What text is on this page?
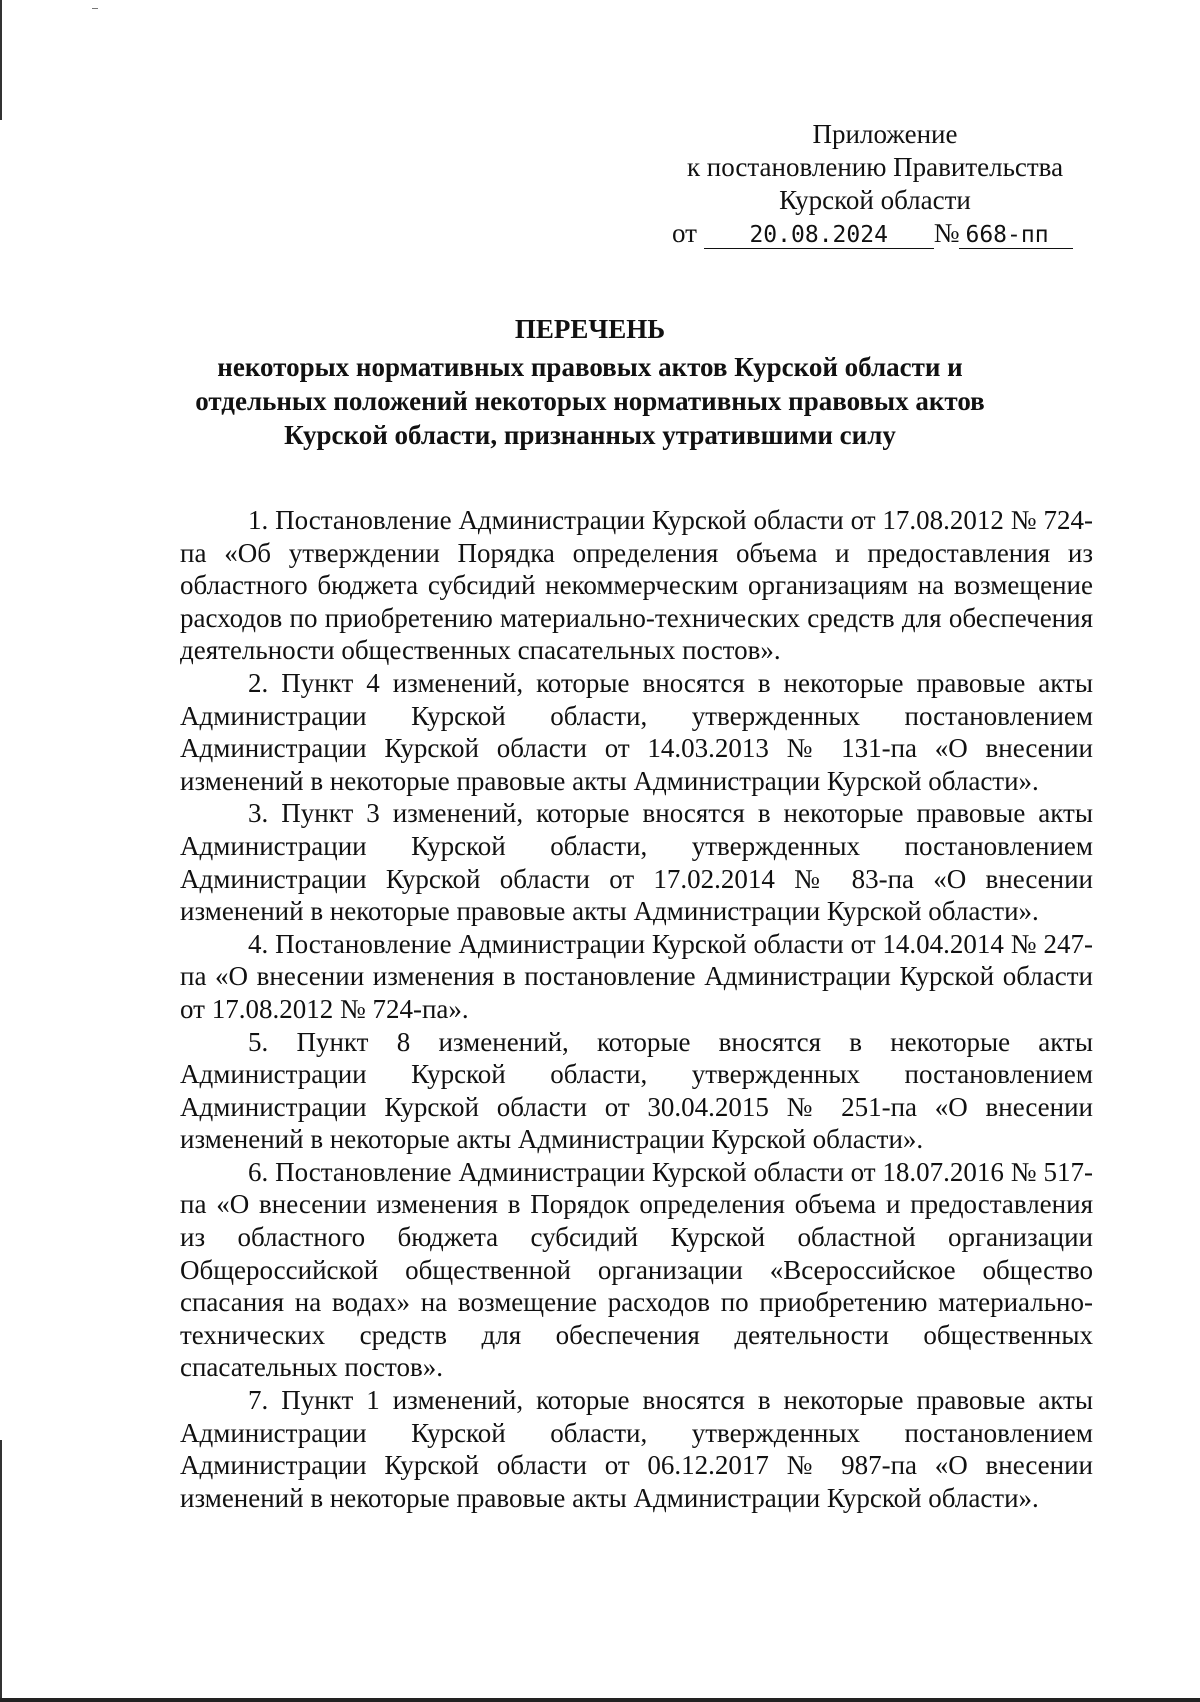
Приложение
к постановлению Правительства
Курской области
от 20.08.2024 № 668-пп
ПЕРЕЧЕНЬ
некоторых нормативных правовых актов Курской области и
отдельных положений некоторых нормативных правовых актов
Курской области, признанных утратившими силу

1. Постановление Администрации Курской области от 17.08.2012 № 724-па «Об утверждении Порядка определения объема и предоставления из областного бюджета субсидий некоммерческим организациям на возмещение расходов по приобретению материально-технических средств для обеспечения деятельности общественных спасательных постов».

2. Пункт 4 изменений, которые вносятся в некоторые правовые акты Администрации Курской области, утвержденных постановлением Администрации Курской области от 14.03.2013 № 131-па «О внесении изменений в некоторые правовые акты Администрации Курской области».

3. Пункт 3 изменений, которые вносятся в некоторые правовые акты Администрации Курской области, утвержденных постановлением Администрации Курской области от 17.02.2014 № 83-па «О внесении изменений в некоторые правовые акты Администрации Курской области».

4. Постановление Администрации Курской области от 14.04.2014 № 247-па «О внесении изменения в постановление Администрации Курской области от 17.08.2012 № 724-па».

5. Пункт 8 изменений, которые вносятся в некоторые акты Администрации Курской области, утвержденных постановлением Администрации Курской области от 30.04.2015 № 251-па «О внесении изменений в некоторые акты Администрации Курской области».

6. Постановление Администрации Курской области от 18.07.2016 № 517-па «О внесении изменения в Порядок определения объема и предоставления из областного бюджета субсидий Курской областной организации Общероссийской общественной организации «Всероссийское общество спасания на водах» на возмещение расходов по приобретению материально-технических средств для обеспечения деятельности общественных спасательных постов».

7. Пункт 1 изменений, которые вносятся в некоторые правовые акты Администрации Курской области, утвержденных постановлением Администрации Курской области от 06.12.2017 № 987-па «О внесении изменений в некоторые правовые акты Администрации Курской области».
